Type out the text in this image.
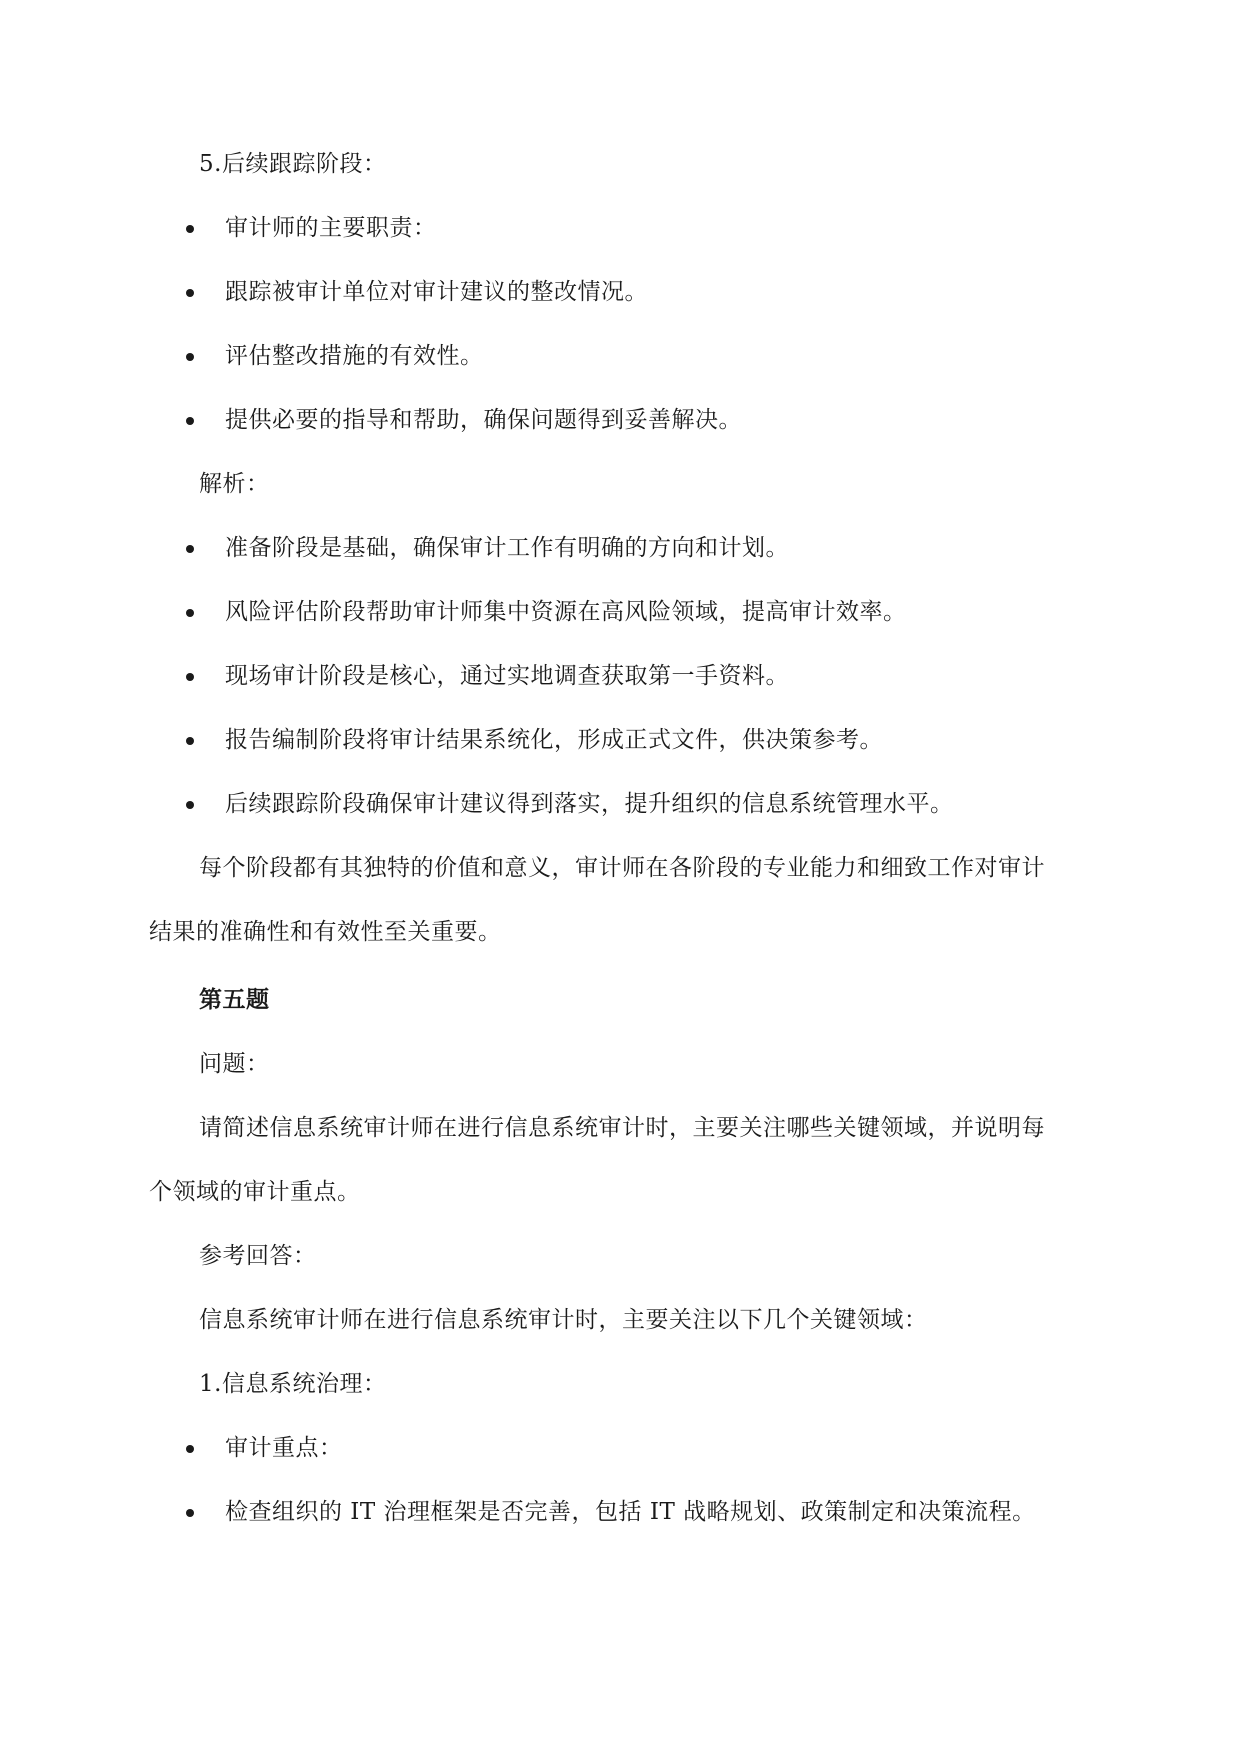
5.后续跟踪阶段：
审计师的主要职责：
跟踪被审计单位对审计建议的整改情况。
评估整改措施的有效性。
提供必要的指导和帮助，确保问题得到妥善解决。
解析：
准备阶段是基础，确保审计工作有明确的方向和计划。
风险评估阶段帮助审计师集中资源在高风险领域，提高审计效率。
现场审计阶段是核心，通过实地调查获取第一手资料。
报告编制阶段将审计结果系统化，形成正式文件，供决策参考。
后续跟踪阶段确保审计建议得到落实，提升组织的信息系统管理水平。
每个阶段都有其独特的价值和意义，审计师在各阶段的专业能力和细致工作对审计
结果的准确性和有效性至关重要。
第五题
问题：
请简述信息系统审计师在进行信息系统审计时，主要关注哪些关键领域，并说明每
个领域的审计重点。
参考回答：
信息系统审计师在进行信息系统审计时，主要关注以下几个关键领域：
1.信息系统治理：
审计重点：
检查组织的 IT 治理框架是否完善，包括 IT 战略规划、政策制定和决策流程。
